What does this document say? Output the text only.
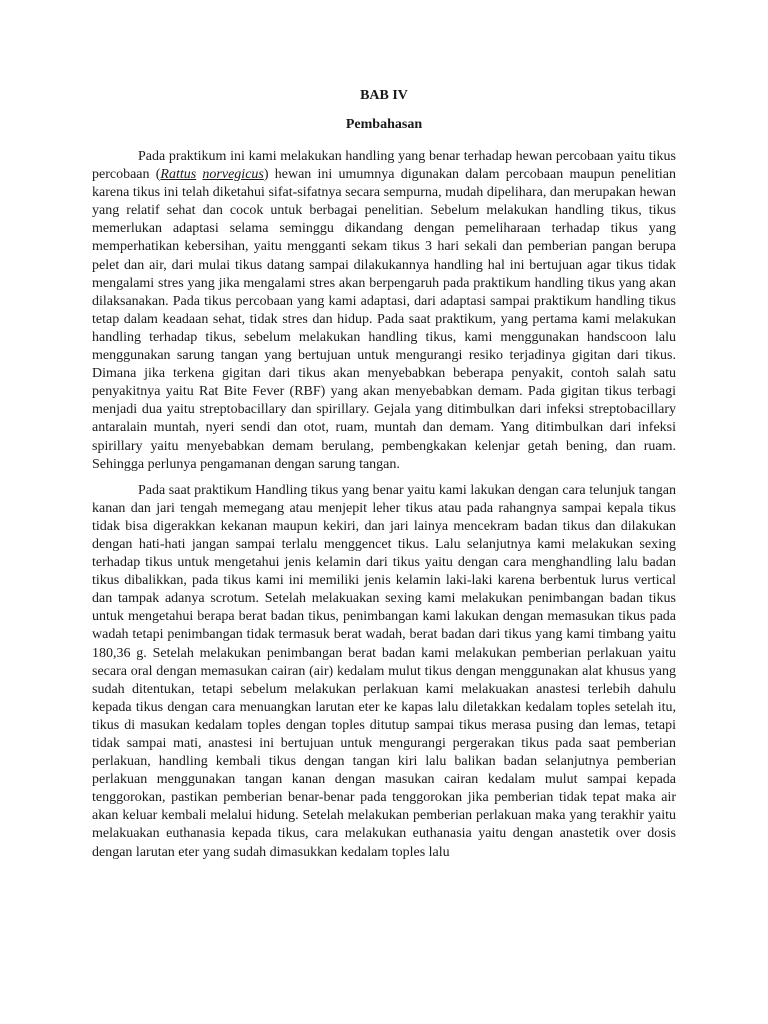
BAB IV
Pembahasan

Pada praktikum ini kami melakukan handling yang benar terhadap hewan percobaan yaitu tikus percobaan (Rattus norvegicus) hewan ini umumnya digunakan dalam percobaan maupun penelitian karena tikus ini telah diketahui sifat-sifatnya secara sempurna, mudah dipelihara, dan merupakan hewan yang relatif sehat dan cocok untuk berbagai penelitian. Sebelum melakukan handling tikus, tikus memerlukan adaptasi selama seminggu dikandang dengan pemeliharaan terhadap tikus yang memperhatikan kebersihan, yaitu mengganti sekam tikus 3 hari sekali dan pemberian pangan berupa pelet dan air, dari mulai tikus datang sampai dilakukannya handling hal ini bertujuan agar tikus tidak mengalami stres yang jika mengalami stres akan berpengaruh pada praktikum handling tikus yang akan dilaksanakan. Pada tikus percobaan yang kami adaptasi, dari adaptasi sampai praktikum handling tikus tetap dalam keadaan sehat, tidak stres dan hidup. Pada saat praktikum, yang pertama kami melakukan handling terhadap tikus, sebelum melakukan handling tikus, kami menggunakan handscoon lalu menggunakan sarung tangan yang bertujuan untuk mengurangi resiko terjadinya gigitan dari tikus. Dimana jika terkena gigitan dari tikus akan menyebabkan beberapa penyakit, contoh salah satu penyakitnya yaitu Rat Bite Fever (RBF) yang akan menyebabkan demam. Pada gigitan tikus terbagi menjadi dua yaitu streptobacillary dan spirillary. Gejala yang ditimbulkan dari infeksi streptobacillary antaralain muntah, nyeri sendi dan otot, ruam, muntah dan demam. Yang ditimbulkan dari infeksi spirillary yaitu menyebabkan demam berulang, pembengkakan kelenjar getah bening, dan ruam. Sehingga perlunya pengamanan dengan sarung tangan.

Pada saat praktikum Handling tikus yang benar yaitu kami lakukan dengan cara telunjuk tangan kanan dan jari tengah memegang atau menjepit leher tikus atau pada rahangnya sampai kepala tikus tidak bisa digerakkan kekanan maupun kekiri, dan jari lainya mencekram badan tikus dan dilakukan dengan hati-hati jangan sampai terlalu menggencet tikus. Lalu selanjutnya kami melakukan sexing terhadap tikus untuk mengetahui jenis kelamin dari tikus yaitu dengan cara menghandling lalu badan tikus dibalikkan, pada tikus kami ini memiliki jenis kelamin laki-laki karena berbentuk lurus vertical dan tampak adanya scrotum. Setelah melakuakan sexing kami melakukan penimbangan badan tikus untuk mengetahui berapa berat badan tikus, penimbangan kami lakukan dengan memasukan tikus pada wadah tetapi penimbangan tidak termasuk berat wadah, berat badan dari tikus yang kami timbang yaitu 180,36 g. Setelah melakukan penimbangan berat badan kami melakukan pemberian perlakuan yaitu secara oral dengan memasukan cairan (air) kedalam mulut tikus dengan menggunakan alat khusus yang sudah ditentukan, tetapi sebelum melakukan perlakuan kami melakuakan anastesi terlebih dahulu kepada tikus dengan cara menuangkan larutan eter ke kapas lalu diletakkan kedalam toples setelah itu, tikus di masukan kedalam toples dengan toples ditutup sampai tikus merasa pusing dan lemas, tetapi tidak sampai mati, anastesi ini bertujuan untuk mengurangi pergerakan tikus pada saat pemberian perlakuan, handling kembali tikus dengan tangan kiri lalu balikan badan selanjutnya pemberian perlakuan menggunakan tangan kanan dengan masukan cairan kedalam mulut sampai kepada tenggorokan, pastikan pemberian benar-benar pada tenggorokan jika pemberian tidak tepat maka air akan keluar kembali melalui hidung. Setelah melakukan pemberian perlakuan maka yang terakhir yaitu melakuakan euthanasia kepada tikus, cara melakukan euthanasia yaitu dengan anastetik over dosis dengan larutan eter yang sudah dimasukkan kedalam toples lalu
